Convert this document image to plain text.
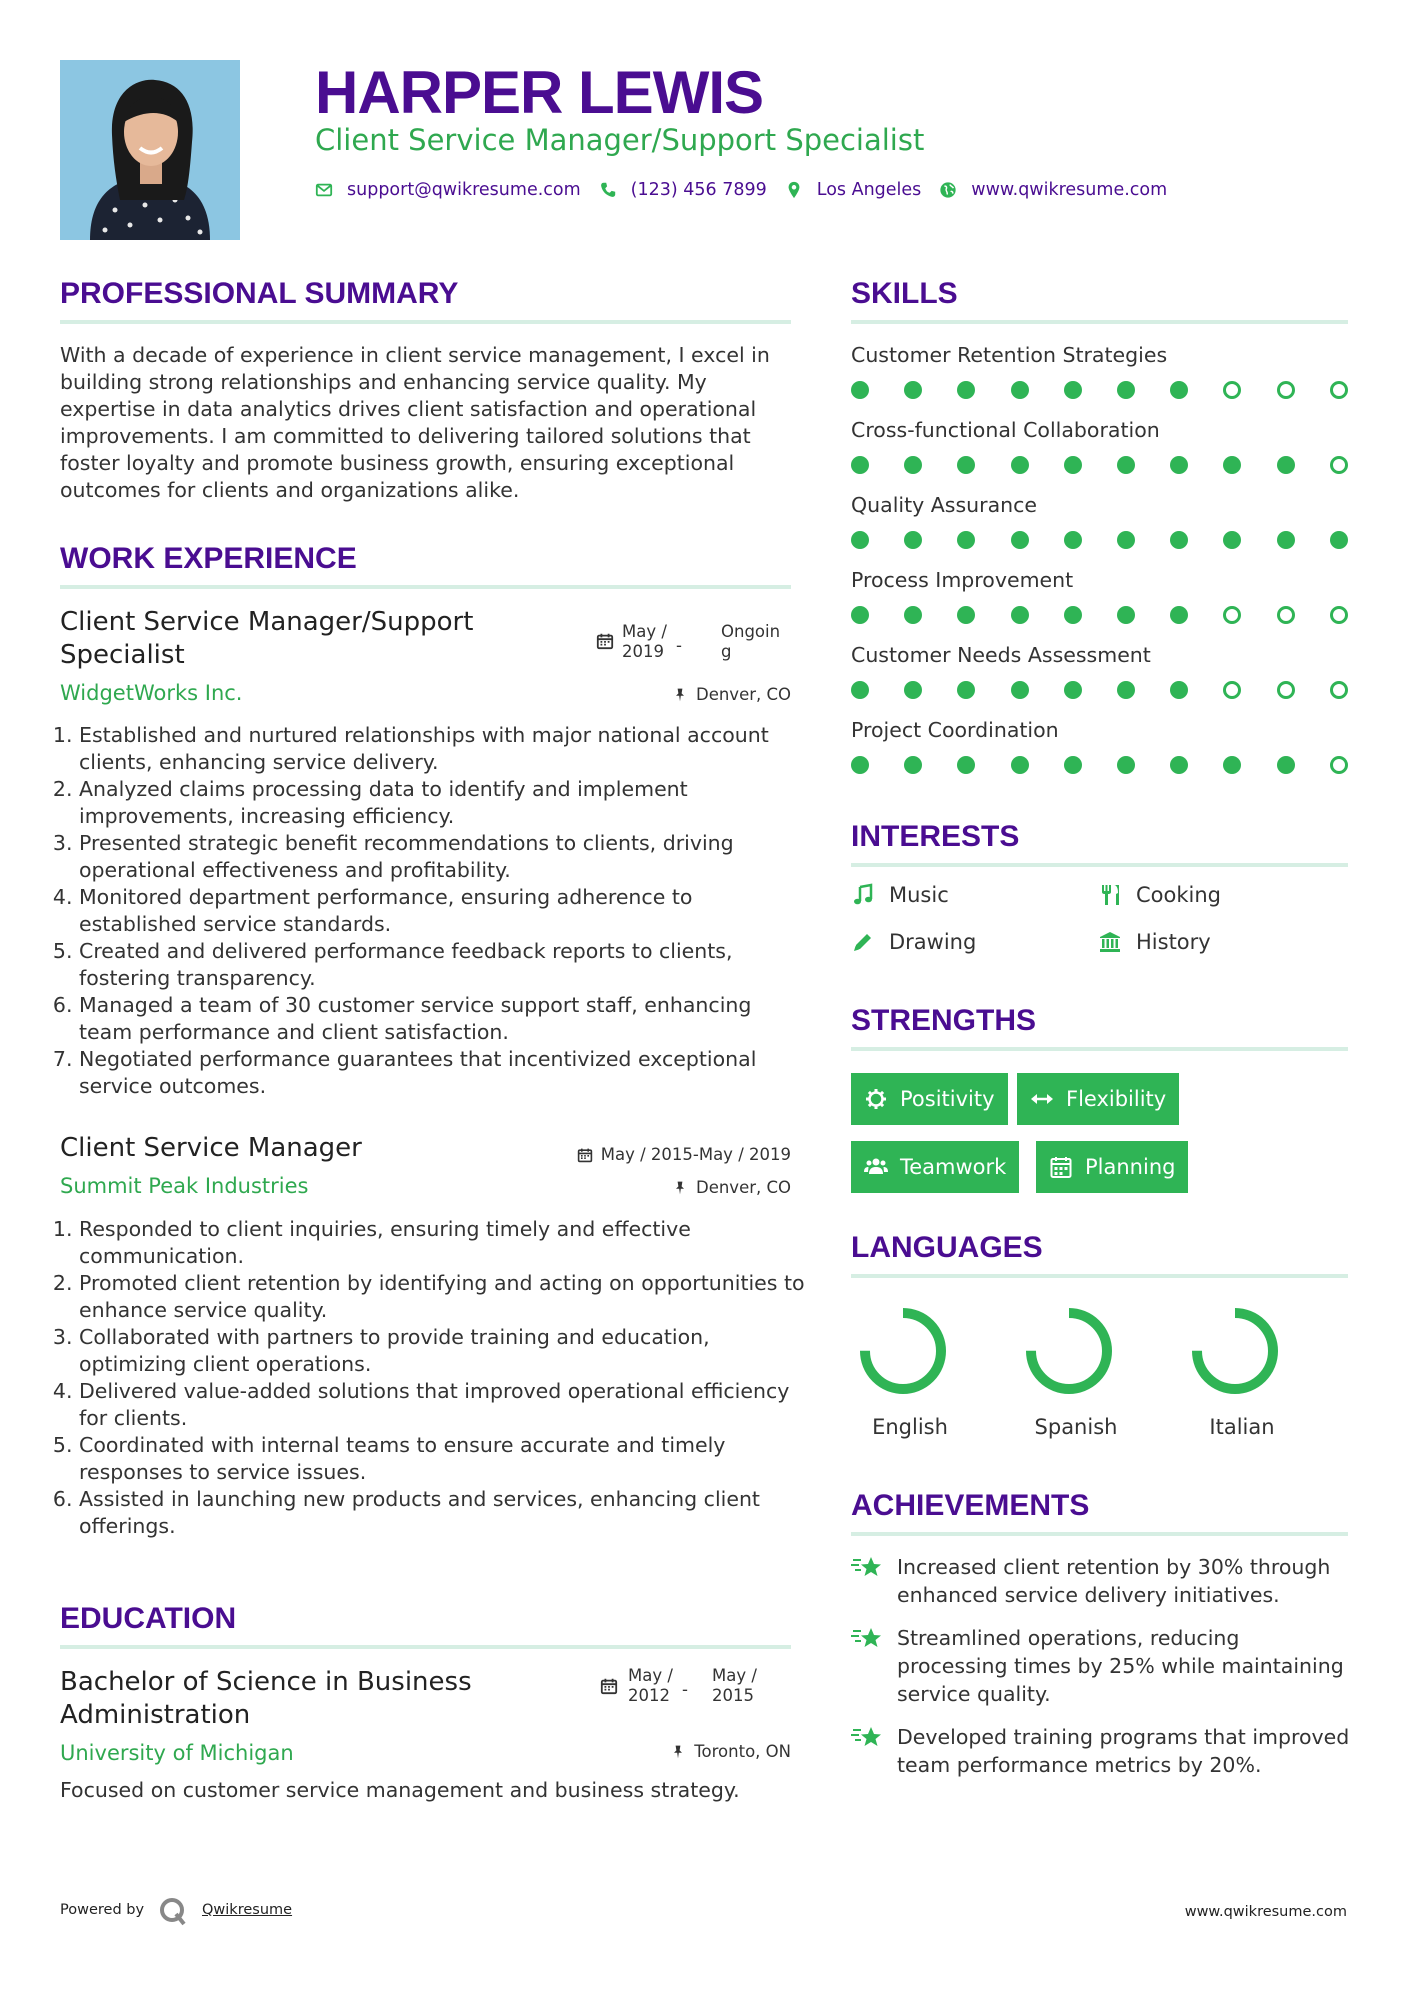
HARPER LEWIS
Client Service Manager/Support Specialist
support@qwikresume.com	(123) 456 7899	Los Angeles	www.qwikresume.com
PROFESSIONAL SUMMARY
With a decade of experience in client service management, I excel in building strong relationships and enhancing service quality. My expertise in data analytics drives client satisfaction and operational improvements. I am committed to delivering tailored solutions that foster loyalty and promote business growth, ensuring exceptional outcomes for clients and organizations alike.
WORK EXPERIENCE
Client Service Manager/Support Specialist
May / 2019 -
Ongoing
WidgetWorks Inc.	Denver, CO
1. Established and nurtured relationships with major national account clients, enhancing service delivery.
2. Analyzed claims processing data to identify and implement improvements, increasing efficiency.
3. Presented strategic benefit recommendations to clients, driving operational effectiveness and profitability.
4. Monitored department performance, ensuring adherence to established service standards.
5. Created and delivered performance feedback reports to clients, fostering transparency.
6. Managed a team of 30 customer service support staff, enhancing team performance and client satisfaction.
7. Negotiated performance guarantees that incentivized exceptional service outcomes.
Client Service Manager	May / 2015-May / 2019
Summit Peak Industries	Denver, CO
1. Responded to client inquiries, ensuring timely and effective communication.
2. Promoted client retention by identifying and acting on opportunities to enhance service quality.
3. Collaborated with partners to provide training and education, optimizing client operations.
4. Delivered value-added solutions that improved operational efficiency for clients.
5. Coordinated with internal teams to ensure accurate and timely responses to service issues.
6. Assisted in launching new products and services, enhancing client offerings.
EDUCATION
Bachelor of Science in Business Administration
May / 2012 -
May / 2015
University of Michigan	Toronto, ON
Focused on customer service management and business strategy.
SKILLS
Customer Retention Strategies
Cross-functional Collaboration
Quality Assurance
Process Improvement
Customer Needs Assessment
Project Coordination
INTERESTS
Music	Cooking
Drawing	History
STRENGTHS
Positivity	Flexibility
Teamwork	Planning
LANGUAGES
English	Spanish	Italian
ACHIEVEMENTS
Increased client retention by 30% through enhanced service delivery initiatives.
Streamlined operations, reducing processing times by 25% while maintaining service quality.
Developed training programs that improved team performance metrics by 20%.
Powered by	Qwikresume	www.qwikresume.com
